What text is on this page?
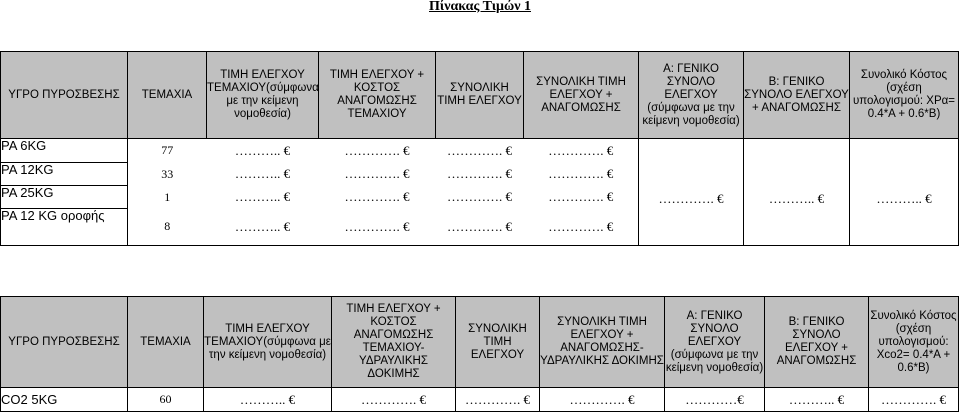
Πίνακας Τιμών 1
ΥΓΡΟ ΠΥΡΟΣΒΕΣΗΣ	ΤΕΜΑΧΙΑ	ΤΙΜΗ ΕΛΕΓΧΟΥ ΤΕΜΑΧΙΟΥ(σύμφωνα με την κείμενη νομοθεσία)	ΤΙΜΗ ΕΛΕΓΧΟΥ + ΚΟΣΤΟΣ ΑΝΑΓΟΜΩΣΗΣ ΤΕΜΑΧΙΟΥ	ΣΥΝΟΛΙΚΗ ΤΙΜΗ ΕΛΕΓΧΟΥ	ΣΥΝΟΛΙΚΗ ΤΙΜΗ ΕΛΕΓΧΟΥ + ΑΝΑΓΟΜΩΣΗΣ	Α: ΓΕΝΙΚΟ ΣΥΝΟΛΟ ΕΛΕΓΧΟΥ (σύμφωνα με την κείμενη νομοθεσία)	Β: ΓΕΝΙΚΟ ΣΥΝΟΛΟ ΕΛΕΓΧΟΥ + ΑΝΑΓΟΜΩΣΗΣ	Συνολικό Κόστος (σχέση υπολογισμού: ΧΡα= 0.4*Α + 0.6*Β)
PA 6KG	77	……….. €	…………. €	…………. €	…………. €	…………. €	……….. €	……….. €
PA 12KG	33	……….. €	…………. €	…………. €	…………. €			
PA 25KG	1	……….. €	…………. €	…………. €	…………. €			
PA 12 KG οροφής	8	……….. €	…………. €	…………. €	…………. €			
ΥΓΡΟ ΠΥΡΟΣΒΕΣΗΣ	ΤΕΜΑΧΙΑ	ΤΙΜΗ ΕΛΕΓΧΟΥ ΤΕΜΑΧΙΟΥ(σύμφωνα με την κείμενη νομοθεσία)	ΤΙΜΗ ΕΛΕΓΧΟΥ + ΚΟΣΤΟΣ ΑΝΑΓΟΜΩΣΗΣ ΤΕΜΑΧΙΟΥ- ΥΔΡΑΥΛΙΚΗΣ ΔΟΚΙΜΗΣ	ΣΥΝΟΛΙΚΗ ΤΙΜΗ ΕΛΕΓΧΟΥ	ΣΥΝΟΛΙΚΗ ΤΙΜΗ ΕΛΕΓΧΟΥ + ΑΝΑΓΟΜΩΣΗΣ- ΥΔΡΑΥΛΙΚΗΣ ΔΟΚΙΜΗΣ	Α: ΓΕΝΙΚΟ ΣΥΝΟΛΟ ΕΛΕΓΧΟΥ (σύμφωνα με την κείμενη νομοθεσία)	Β: ΓΕΝΙΚΟ ΣΥΝΟΛΟ ΕΛΕΓΧΟΥ + ΑΝΑΓΟΜΩΣΗΣ	Συνολικό Κόστος (σχέση υπολογισμού: Χco2= 0.4*Α + 0.6*Β)
CO2 5KG	60	……….. €	…………. €	…………. €	…………. €	…………€	……….. €	…………. €
